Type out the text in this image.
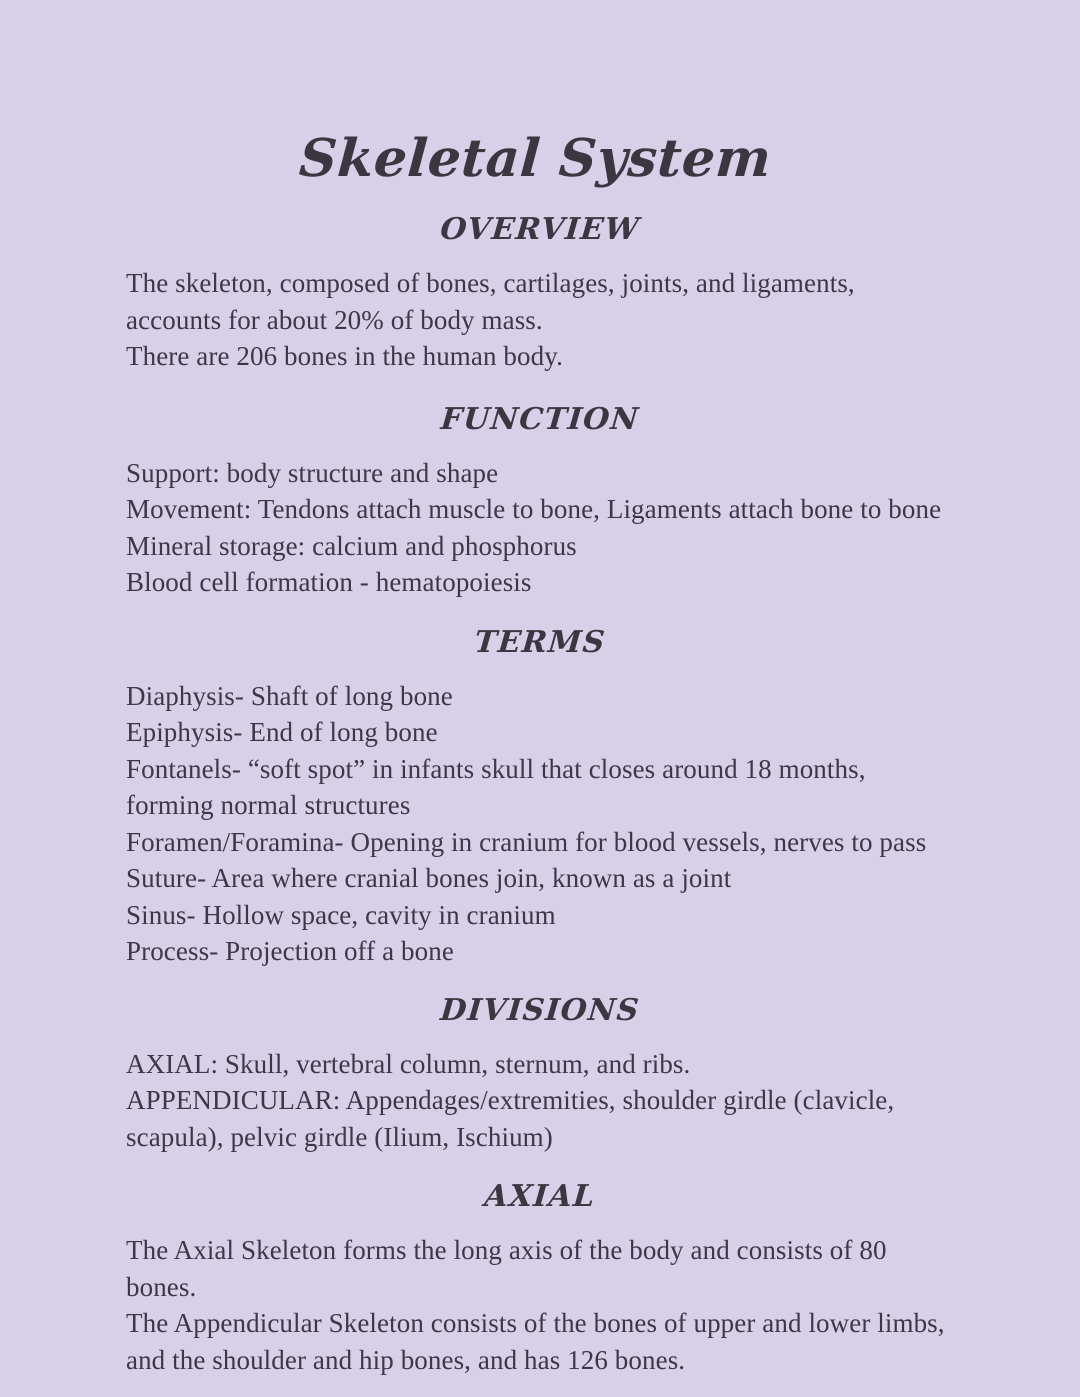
Skeletal System
OVERVIEW

The skeleton, composed of bones, cartilages, joints, and ligaments, accounts for about 20% of body mass.

There are 206 bones in the human body.

FUNCTION

Support: body structure and shape

Movement: Tendons attach muscle to bone, Ligaments attach bone to bone

Mineral storage: calcium and phosphorus

Blood cell formation - hematopoiesis

TERMS

Diaphysis- Shaft of long bone

Epiphysis- End of long bone

Fontanels- “soft spot” in infants skull that closes around 18 months, forming normal structures

Foramen/Foramina- Opening in cranium for blood vessels, nerves to pass

Suture- Area where cranial bones join, known as a joint

Sinus- Hollow space, cavity in cranium

Process- Projection off a bone

DIVISIONS

AXIAL: Skull, vertebral column, sternum, and ribs.

APPENDICULAR: Appendages/extremities, shoulder girdle (clavicle, scapula), pelvic girdle (Ilium, Ischium)

AXIAL

The Axial Skeleton forms the long axis of the body and consists of 80 bones.

The Appendicular Skeleton consists of the bones of upper and lower limbs, and the shoulder and hip bones, and has 126 bones.
